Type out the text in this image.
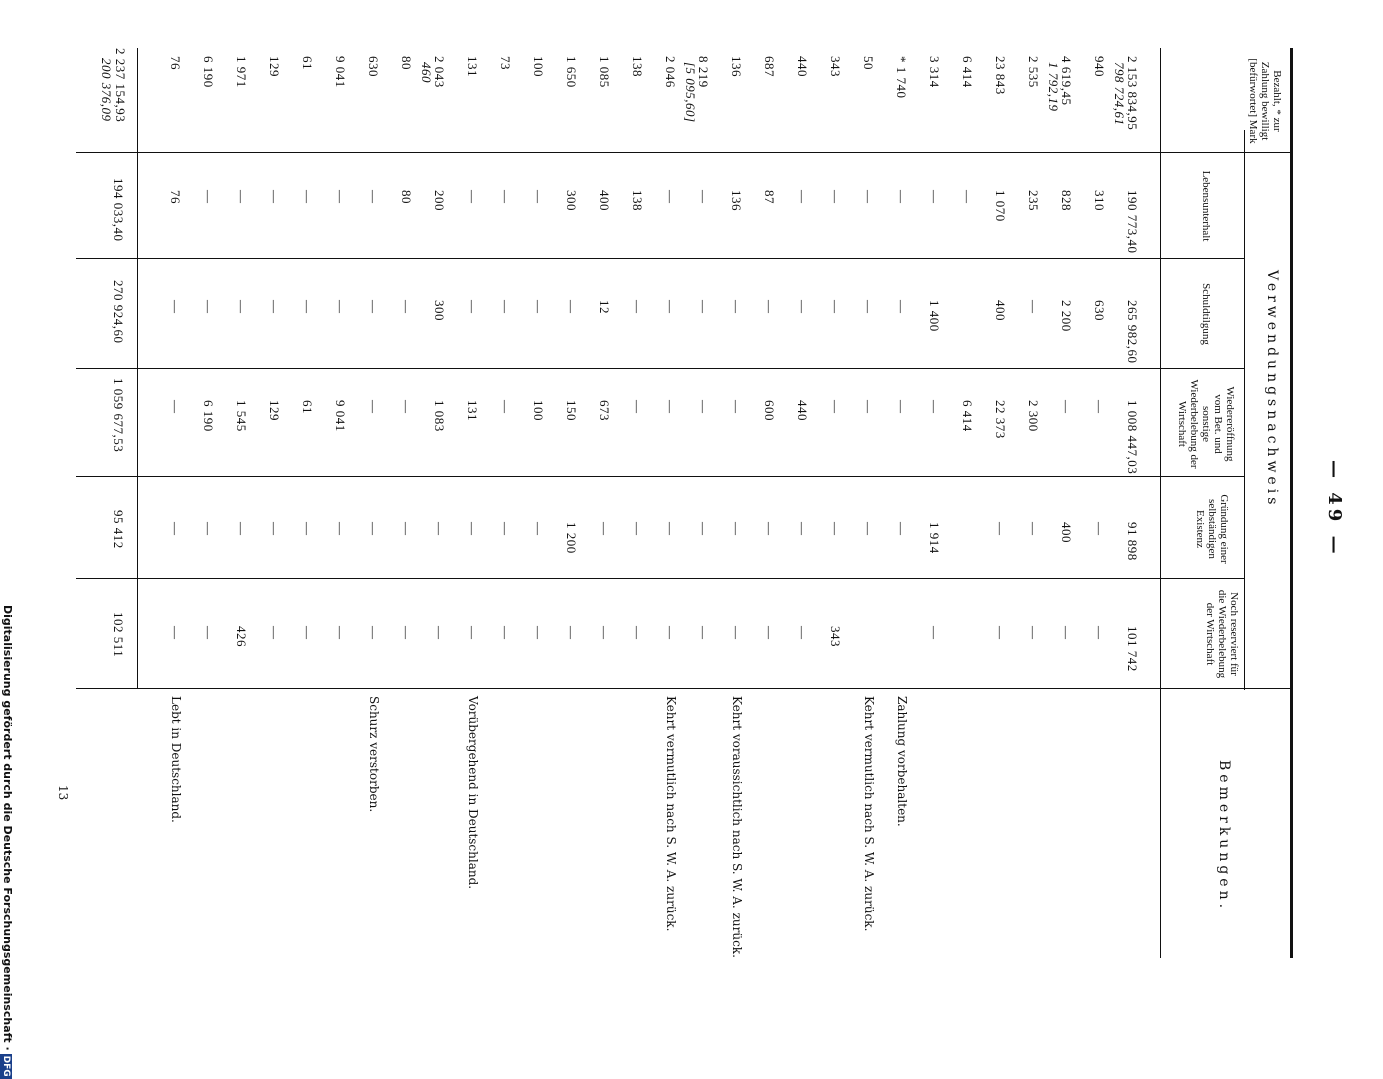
— 49 —
13
Digitalisierung gefördert durch die Deutsche Forschungsgemeinschaft ·DFG
Verwendungsnachweis
Bemerkungen.
Bezahlt, * zur Zahlung bewilligt [befürwortet] Mark
Lebensunterhalt
Schuldtilgung
Wiedereröffnung vom Bet. und sonstige Wiederbelebung der Wirtschaft
Gründung einer selbständigen Existenz
Noch reserviert für die Wiederbelebung der Wirtschaft
2 153 834,95
190 773,40
265 982,60
1 008 447,03
91 898
101 742
798 724,61
940
310
630
—
—
—
4 619,45
828
2 200
—
400
—
1 792,19
2 535
235
—
2 300
—
—
23 843
1 070
400
22 373
—
—
6 414
—
6 414
3 314
—
1 400
—
1 914
—
* 1 740
—
—
—
—
50
—
—
—
—
343
—
—
—
—
343
440
—
—
440
—
—
687
87
—
600
—
—
136
136
—
—
—
—
8 219
—
—
—
—
—
[5 095,60]
2 046
—
—
—
—
—
138
138
—
—
—
—
1 085
400
12
673
—
—
1 650
300
—
150
1 200
—
100
—
—
100
—
—
73
—
—
—
—
—
131
—
—
131
—
—
2 043
200
300
1 083
—
—
460
80
80
—
—
—
—
630
—
—
—
—
—
9 041
—
—
9 041
—
—
61
—
—
61
—
—
129
—
—
129
—
—
1 971
—
—
1 545
—
426
6 190
—
—
6 190
—
—
76
76
—
—
—
—
Zahlung vorbehalten.
Kehrt vermutlich nach S. W. A. zurück.
Kehrt voraussichtlich nach S. W. A. zurück.
Kehrt vermutlich nach S. W. A. zurück.
Vorübergehend in Deutschland.
Schurz verstorben.
Lebt in Deutschland.
2 237 154,93
200 376,09
194 033,40
270 924,60
1 059 677,53
95 412
102 511
